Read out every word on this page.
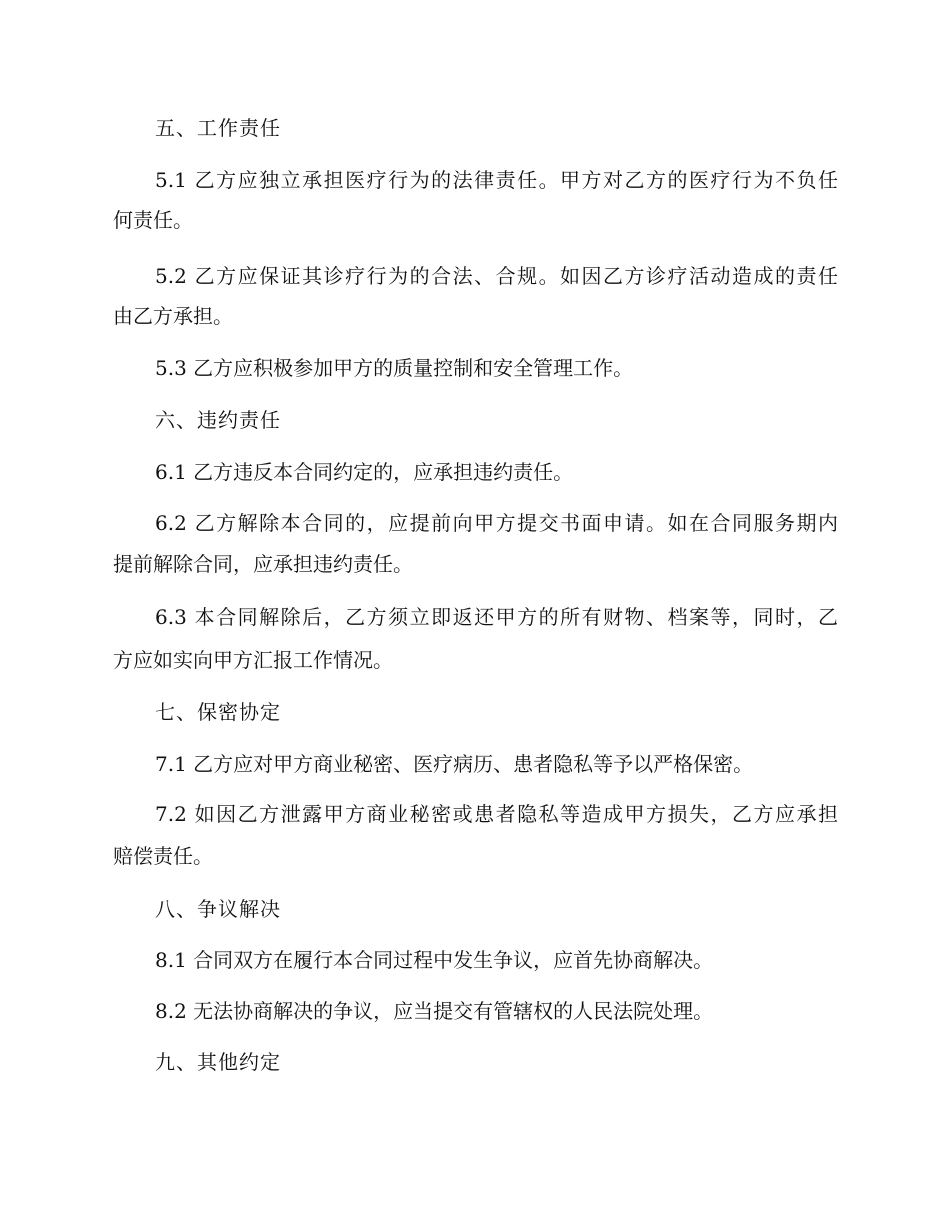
五、工作责任
5.1 乙方应独立承担医疗行为的法律责任。甲方对乙方的医疗行为不负任
何责任。
5.2 乙方应保证其诊疗行为的合法、合规。如因乙方诊疗活动造成的责任
由乙方承担。
5.3 乙方应积极参加甲方的质量控制和安全管理工作。
六、违约责任
6.1 乙方违反本合同约定的，应承担违约责任。
6.2 乙方解除本合同的，应提前向甲方提交书面申请。如在合同服务期内
提前解除合同，应承担违约责任。
6.3 本合同解除后，乙方须立即返还甲方的所有财物、档案等，同时，乙
方应如实向甲方汇报工作情况。
七、保密协定
7.1 乙方应对甲方商业秘密、医疗病历、患者隐私等予以严格保密。
7.2 如因乙方泄露甲方商业秘密或患者隐私等造成甲方损失，乙方应承担
赔偿责任。
八、争议解决
8.1 合同双方在履行本合同过程中发生争议，应首先协商解决。
8.2 无法协商解决的争议，应当提交有管辖权的人民法院处理。
九、其他约定
